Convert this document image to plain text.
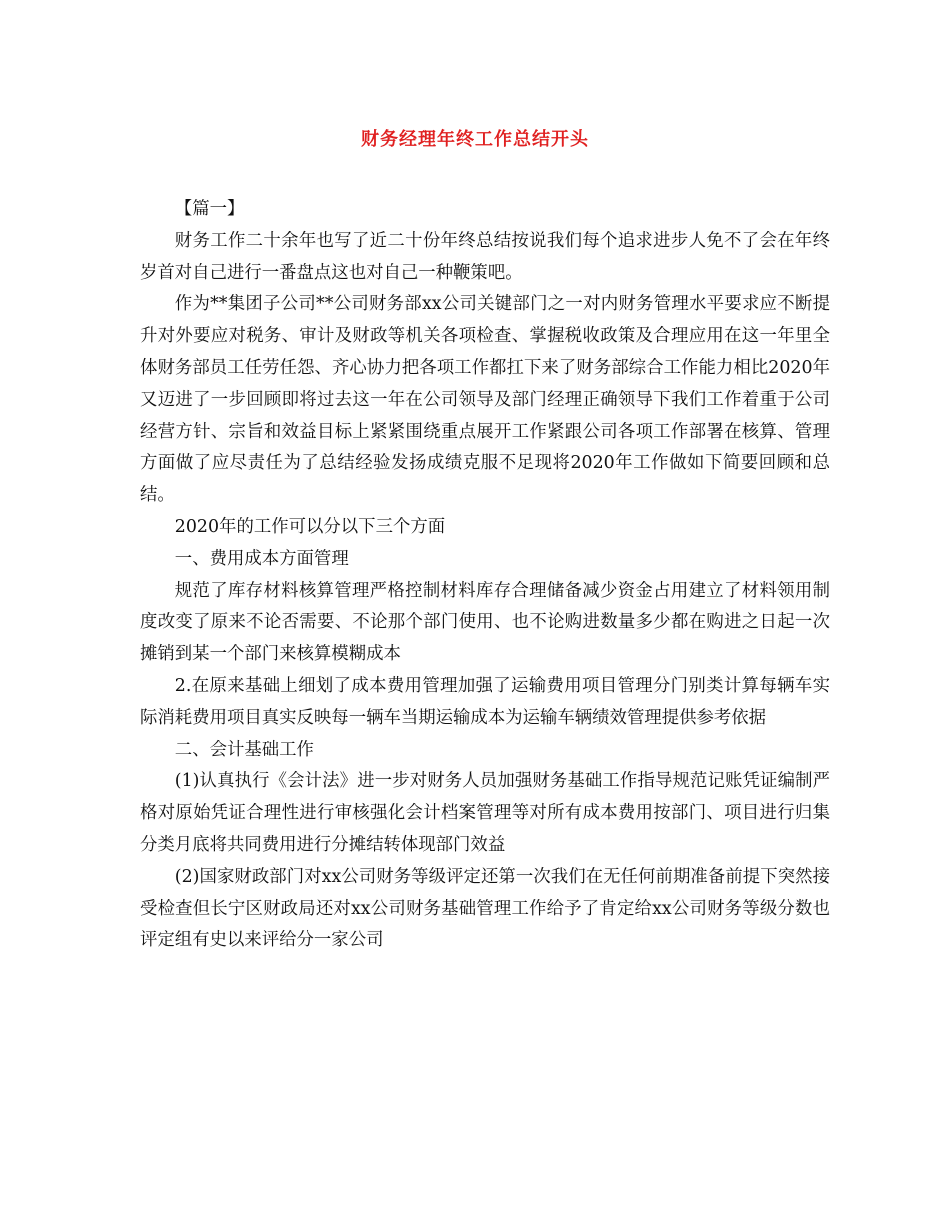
财务经理年终工作总结开头

【篇一】

财务工作二十余年也写了近二十份年终总结按说我们每个追求进步人免不了会在年终岁首对自己进行一番盘点这也对自己一种鞭策吧。

作为**集团子公司**公司财务部xx公司关键部门之一对内财务管理水平要求应不断提升对外要应对税务、审计及财政等机关各项检查、掌握税收政策及合理应用在这一年里全体财务部员工任劳任怨、齐心协力把各项工作都扛下来了财务部综合工作能力相比2020年又迈进了一步回顾即将过去这一年在公司领导及部门经理正确领导下我们工作着重于公司经营方针、宗旨和效益目标上紧紧围绕重点展开工作紧跟公司各项工作部署在核算、管理方面做了应尽责任为了总结经验发扬成绩克服不足现将2020年工作做如下简要回顾和总结。

2020年的工作可以分以下三个方面

一、费用成本方面管理

规范了库存材料核算管理严格控制材料库存合理储备减少资金占用建立了材料领用制度改变了原来不论否需要、不论那个部门使用、也不论购进数量多少都在购进之日起一次摊销到某一个部门来核算模糊成本

2.在原来基础上细划了成本费用管理加强了运输费用项目管理分门别类计算每辆车实际消耗费用项目真实反映每一辆车当期运输成本为运输车辆绩效管理提供参考依据

二、会计基础工作

(1)认真执行《会计法》进一步对财务人员加强财务基础工作指导规范记账凭证编制严格对原始凭证合理性进行审核强化会计档案管理等对所有成本费用按部门、项目进行归集分类月底将共同费用进行分摊结转体现部门效益

(2)国家财政部门对xx公司财务等级评定还第一次我们在无任何前期准备前提下突然接受检查但长宁区财政局还对xx公司财务基础管理工作给予了肯定给xx公司财务等级分数也评定组有史以来评给分一家公司
